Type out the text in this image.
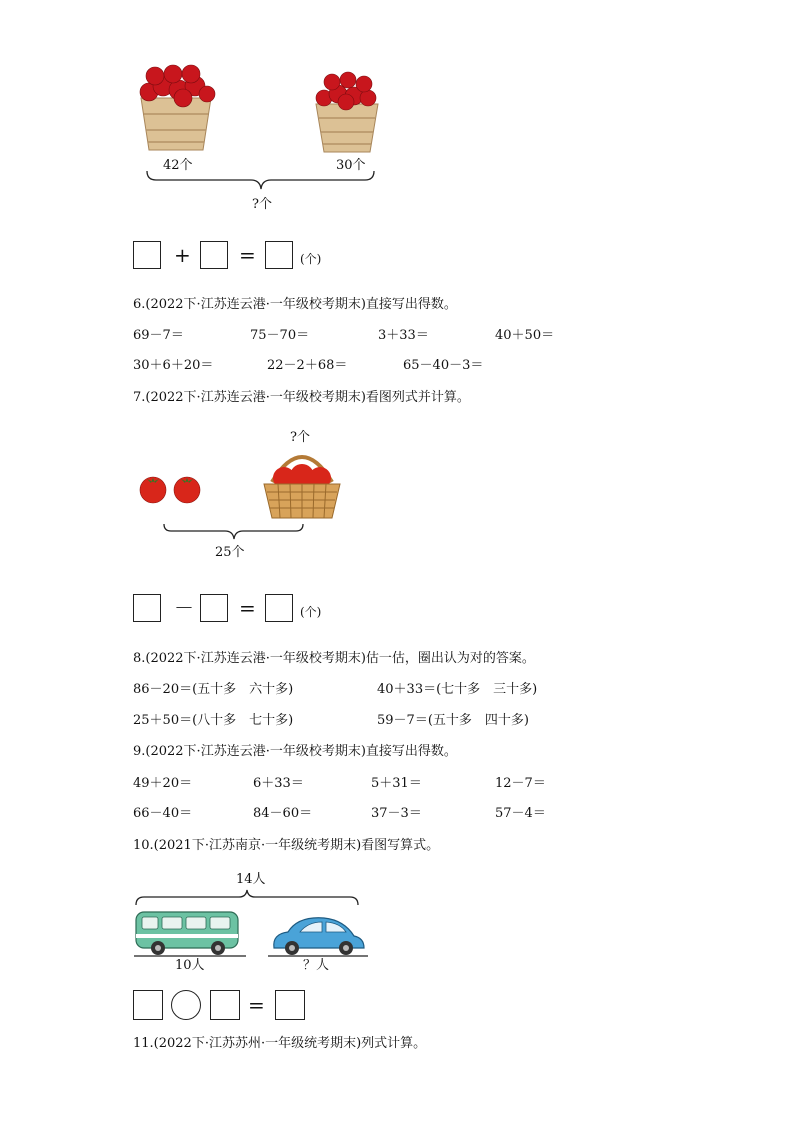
42个	30个
?个
+ =	(个)
6.(2022下·江苏连云港·一年级校考期末)直接写出得数。
69－7＝	75－70＝	3＋33＝	40＋50＝
30＋6＋20＝	22－2＋68＝	65－40－3＝
7.(2022下·江苏连云港·一年级校考期末)看图列式并计算。
?个
25个
－ =	(个)
8.(2022下·江苏连云港·一年级校考期末)估一估，圈出认为对的答案。
86－20＝(五十多　六十多)	40＋33＝(七十多　三十多)
25＋50＝(八十多　七十多)	59－7＝(五十多　四十多)
9.(2022下·江苏连云港·一年级校考期末)直接写出得数。
49＋20＝	6＋33＝	5＋31＝	12－7＝
66－40＝	84－60＝	37－3＝	57－4＝
10.(2021下·江苏南京·一年级统考期末)看图写算式。
14人
10人	？人
=
11.(2022下·江苏苏州·一年级统考期末)列式计算。
